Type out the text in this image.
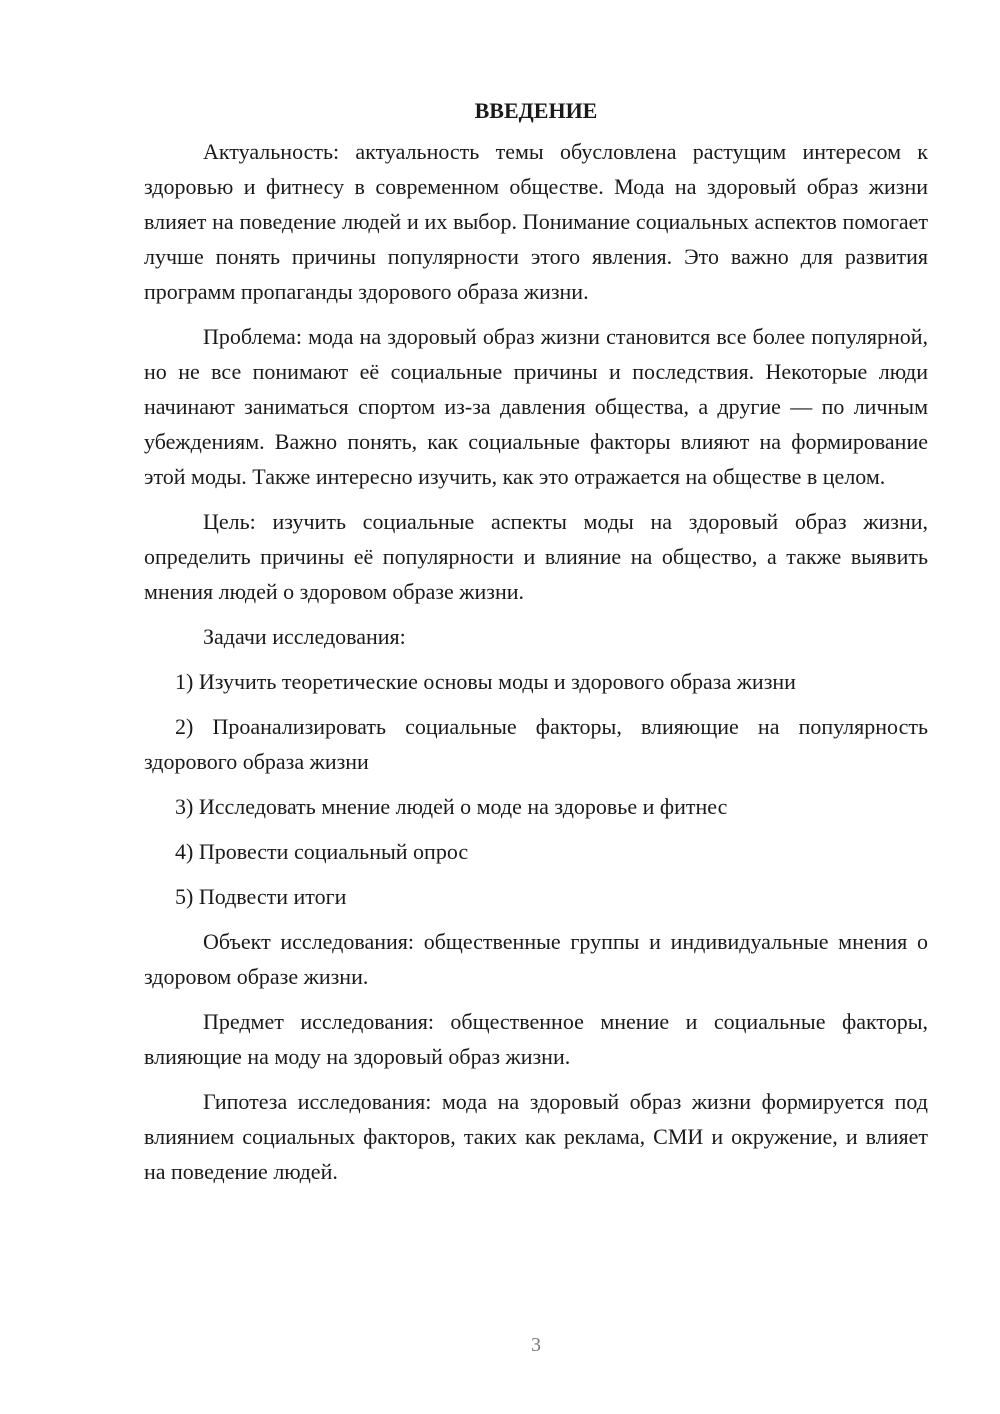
ВВЕДЕНИЕ

Актуальность: актуальность темы обусловлена растущим интересом к здоровью и фитнесу в современном обществе. Мода на здоровый образ жизни влияет на поведение людей и их выбор. Понимание социальных аспектов помогает лучше понять причины популярности этого явления. Это важно для развития программ пропаганды здорового образа жизни.

Проблема: мода на здоровый образ жизни становится все более популярной, но не все понимают её социальные причины и последствия. Некоторые люди начинают заниматься спортом из-за давления общества, а другие — по личным убеждениям. Важно понять, как социальные факторы влияют на формирование этой моды. Также интересно изучить, как это отражается на обществе в целом.

Цель: изучить социальные аспекты моды на здоровый образ жизни, определить причины её популярности и влияние на общество, а также выявить мнения людей о здоровом образе жизни.

Задачи исследования:

1) Изучить теоретические основы моды и здорового образа жизни

2) Проанализировать социальные факторы, влияющие на популярность здорового образа жизни

3) Исследовать мнение людей о моде на здоровье и фитнес

4) Провести социальный опрос

5) Подвести итоги

Объект исследования: общественные группы и индивидуальные мнения о здоровом образе жизни.

Предмет исследования: общественное мнение и социальные факторы, влияющие на моду на здоровый образ жизни.

Гипотеза исследования: мода на здоровый образ жизни формируется под влиянием социальных факторов, таких как реклама, СМИ и окружение, и влияет на поведение людей.

3
